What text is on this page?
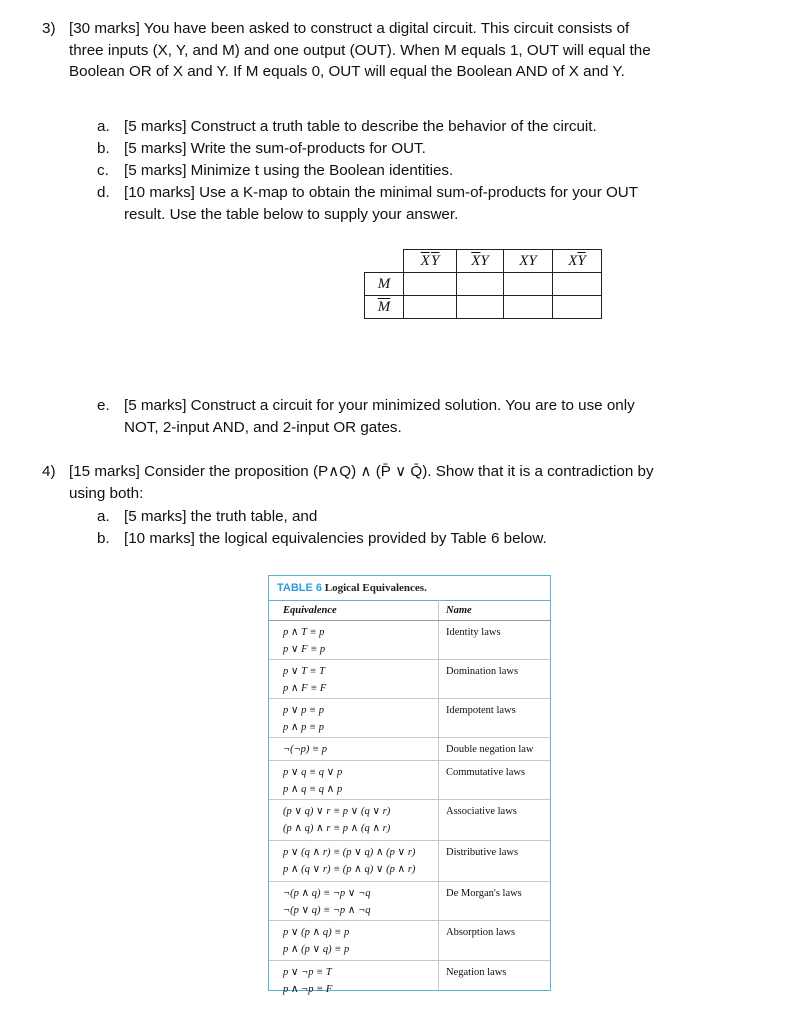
3) [30 marks] You have been asked to construct a digital circuit. This circuit consists of
three inputs (X, Y, and M) and one output (OUT). When M equals 1, OUT will equal the
Boolean OR of X and Y. If M equals 0, OUT will equal the Boolean AND of X and Y.
a. [5 marks] Construct a truth table to describe the behavior of the circuit.
b. [5 marks] Write the sum-of-products for OUT.
c. [5 marks] Minimize t using the Boolean identities.
d. [10 marks] Use a K-map to obtain the minimal sum-of-products for your OUT
result. Use the table below to supply your answer.
	$\overline{X}$ $\overline{Y}$	$\overline{X}Y$	XY	$X\overline{Y}$
M				
$\overline{M}$				
e. [5 marks] Construct a circuit for your minimized solution. You are to use only
NOT, 2-input AND, and 2-input OR gates.
4) [15 marks] Consider the proposition (P∧Q) ∧ (P̄ ∨ Q̄). Show that it is a contradiction by
using both:
a. [5 marks] the truth table, and
b. [10 marks] the logical equivalencies provided by Table 6 below.
TABLE 6 Logical Equivalences.
Equivalence	Name
p ∧ T ≡ p
p ∨ F ≡ p
Identity laws
p ∨ T ≡ T
p ∧ F ≡ F
Domination laws
p ∨ p ≡ p
p ∧ p ≡ p
Idempotent laws
¬(¬p) ≡ p	Double negation law
p ∨ q ≡ q ∨ p
p ∧ q ≡ q ∧ p
Commutative laws
(p ∨ q) ∨ r ≡ p ∨ (q ∨ r)
(p ∧ q) ∧ r ≡ p ∧ (q ∧ r)
Associative laws
p ∨ (q ∧ r) ≡ (p ∨ q) ∧ (p ∨ r)
p ∧ (q ∨ r) ≡ (p ∧ q) ∨ (p ∧ r)
Distributive laws
¬(p ∧ q) ≡ ¬p ∨ ¬q
¬(p ∨ q) ≡ ¬p ∧ ¬q
De Morgan's laws
p ∨ (p ∧ q) ≡ p
p ∧ (p ∨ q) ≡ p
Absorption laws
p ∨ ¬p ≡ T
p ∧ ¬p ≡ F
Negation laws
